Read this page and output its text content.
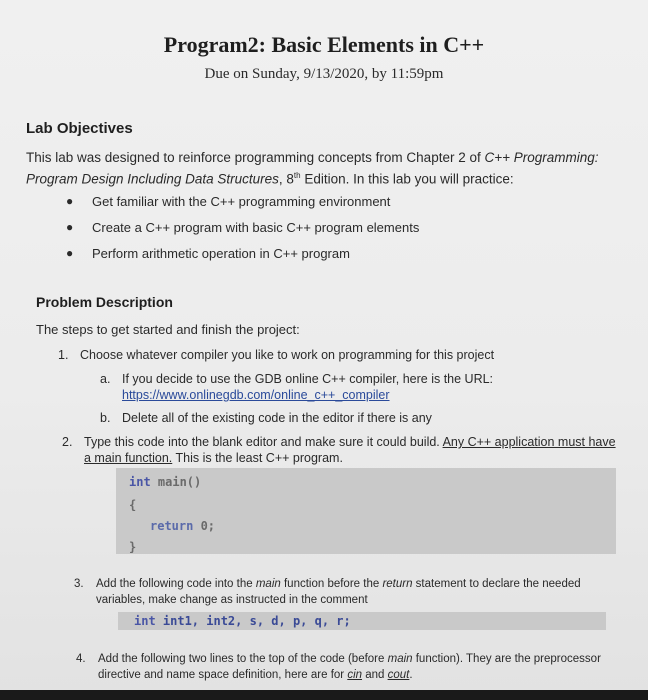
Program2: Basic Elements in C++
Due on Sunday, 9/13/2020, by 11:59pm
Lab Objectives
This lab was designed to reinforce programming concepts from Chapter 2 of C++ Programming: Program Design Including Data Structures, 8th Edition. In this lab you will practice:
● Get familiar with the C++ programming environment
● Create a C++ program with basic C++ program elements
● Perform arithmetic operation in C++ program
Problem Description
The steps to get started and finish the project:
1. Choose whatever compiler you like to work on programming for this project
a. If you decide to use the GDB online C++ compiler, here is the URL: https://www.onlinegdb.com/online_c++_compiler
b. Delete all of the existing code in the editor if there is any
2. Type this code into the blank editor and make sure it could build. Any C++ application must have a main function. This is the least C++ program.
int main()
{
return 0;
}
3. Add the following code into the main function before the return statement to declare the needed variables, make change as instructed in the comment
int int1, int2, s, d, p, q, r;
4. Add the following two lines to the top of the code (before main function). They are the preprocessor directive and name space definition, here are for cin and cout.
